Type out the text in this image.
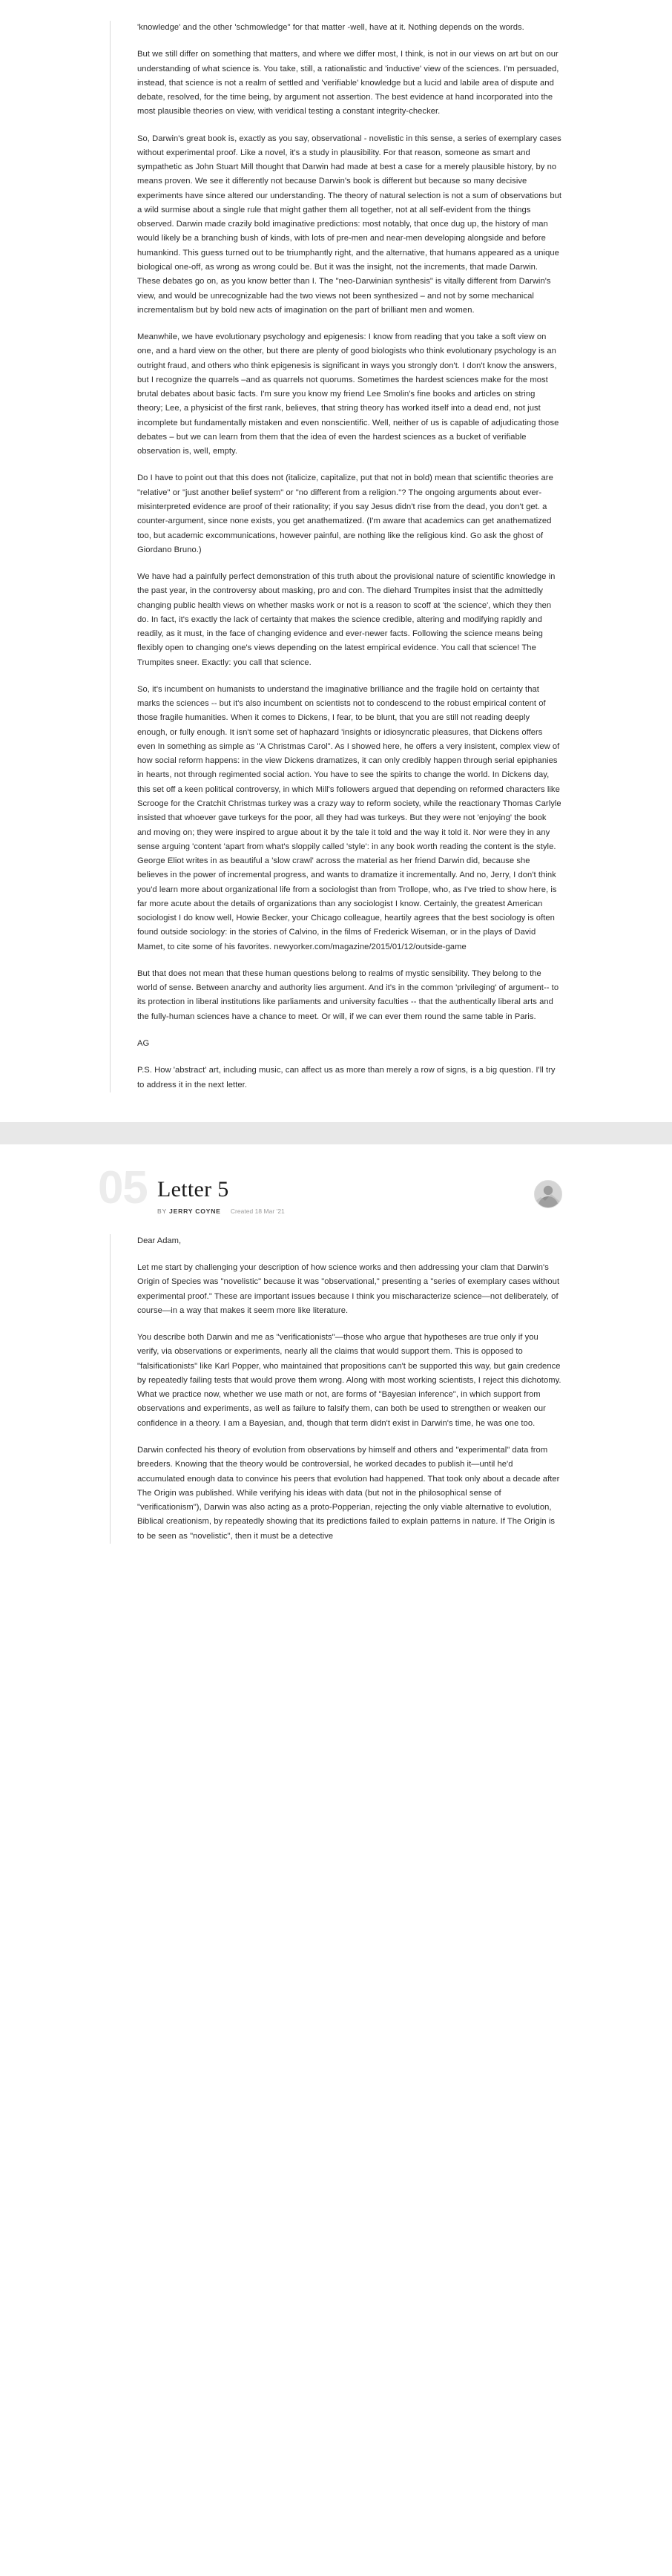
'knowledge' and the other 'schmowledge" for that matter -well, have at it. Nothing depends on the words.

But we still differ on something that matters, and where we differ most, I think, is not in our views on art but on our understanding of what science is. You take, still, a rationalistic and 'inductive' view of the sciences. I'm persuaded, instead, that science is not a realm of settled and 'verifiable' knowledge but a lucid and labile area of dispute and debate, resolved, for the time being, by argument not assertion. The best evidence at hand incorporated into the most plausible theories on view, with veridical testing a constant integrity-checker.

So, Darwin's great book is, exactly as you say, observational - novelistic in this sense, a series of exemplary cases without experimental proof. Like a novel, it's a study in plausibility. For that reason, someone as smart and sympathetic as John Stuart Mill thought that Darwin had made at best a case for a merely plausible history, by no means proven. We see it differently not because Darwin's book is different but because so many decisive experiments have since altered our understanding. The theory of natural selection is not a sum of observations but a wild surmise about a single rule that might gather them all together, not at all self-evident from the things observed. Darwin made crazily bold imaginative predictions: most notably, that once dug up, the history of man would likely be a branching bush of kinds, with lots of pre-men and near-men developing alongside and before humankind. This guess turned out to be triumphantly right, and the alternative, that humans appeared as a unique biological one-off, as wrong as wrong could be. But it was the insight, not the increments, that made Darwin. These debates go on, as you know better than I. The "neo-Darwinian synthesis" is vitally different from Darwin's view, and would be unrecognizable had the two views not been synthesized – and not by some mechanical incrementalism but by bold new acts of imagination on the part of brilliant men and women.

Meanwhile, we have evolutionary psychology and epigenesis: I know from reading that you take a soft view on one, and a hard view on the other, but there are plenty of good biologists who think evolutionary psychology is an outright fraud, and others who think epigenesis is significant in ways you strongly don't. I don't know the answers, but I recognize the quarrels –and as quarrels not quorums. Sometimes the hardest sciences make for the most brutal debates about basic facts. I'm sure you know my friend Lee Smolin's fine books and articles on string theory; Lee, a physicist of the first rank, believes, that string theory has worked itself into a dead end, not just incomplete but fundamentally mistaken and even nonscientific. Well, neither of us is capable of adjudicating those debates – but we can learn from them that the idea of even the hardest sciences as a bucket of verifiable observation is, well, empty.

Do I have to point out that this does not (italicize, capitalize, put that not in bold) mean that scientific theories are "relative" or "just another belief system" or "no different from a religion."? The ongoing arguments about ever- misinterpreted evidence are proof of their rationality; if you say Jesus didn't rise from the dead, you don't get. a counter-argument, since none exists, you get anathematized. (I'm aware that academics can get anathematized too, but academic excommunications, however painful, are nothing like the religious kind. Go ask the ghost of Giordano Bruno.)

We have had a painfully perfect demonstration of this truth about the provisional nature of scientific knowledge in the past year, in the controversy about masking, pro and con. The diehard Trumpites insist that the admittedly changing public health views on whether masks work or not is a reason to scoff at 'the science', which they then do. In fact, it's exactly the lack of certainty that makes the science credible, altering and modifying rapidly and readily, as it must, in the face of changing evidence and ever-newer facts. Following the science means being flexibly open to changing one's views depending on the latest empirical evidence. You call that science! The Trumpites sneer. Exactly: you call that science.

So, it's incumbent on humanists to understand the imaginative brilliance and the fragile hold on certainty that marks the sciences -- but it's also incumbent on scientists not to condescend to the robust empirical content of those fragile humanities. When it comes to Dickens, I fear, to be blunt, that you are still not reading deeply enough, or fully enough. It isn't some set of haphazard 'insights or idiosyncratic pleasures, that Dickens offers even In something as simple as "A Christmas Carol". As I showed here, he offers a very insistent, complex view of how social reform happens: in the view Dickens dramatizes, it can only credibly happen through serial epiphanies in hearts, not through regimented social action. You have to see the spirits to change the world. In Dickens day, this set off a keen political controversy, in which Mill's followers argued that depending on reformed characters like Scrooge for the Cratchit Christmas turkey was a crazy way to reform society, while the reactionary Thomas Carlyle insisted that whoever gave turkeys for the poor, all they had was turkeys. But they were not 'enjoying' the book and moving on; they were inspired to argue about it by the tale it told and the way it told it. Nor were they in any sense arguing 'content 'apart from what's sloppily called 'style': in any book worth reading the content is the style. George Eliot writes in as beautiful a 'slow crawl' across the material as her friend Darwin did, because she believes in the power of incremental progress, and wants to dramatize it incrementally. And no, Jerry, I don't think you'd learn more about organizational life from a sociologist than from Trollope, who, as I've tried to show here, is far more acute about the details of organizations than any sociologist I know. Certainly, the greatest American sociologist I do know well, Howie Becker, your Chicago colleague, heartily agrees that the best sociology is often found outside sociology: in the stories of Calvino, in the films of Frederick Wiseman, or in the plays of David Mamet, to cite some of his favorites. newyorker.com/magazine/2015/01/12/outside-game

But that does not mean that these human questions belong to realms of mystic sensibility. They belong to the world of sense. Between anarchy and authority lies argument. And it's in the common 'privileging' of argument-- to its protection in liberal institutions like parliaments and university faculties -- that the authentically liberal arts and the fully-human sciences have a chance to meet. Or will, if we can ever them round the same table in Paris.

AG

P.S. How 'abstract' art, including music, can affect us as more than merely a row of signs, is a big question. I'll try to address it in the next letter.

05 Letter 5
BY JERRY COYNE Created 18 Mar '21

Dear Adam,

Let me start by challenging your description of how science works and then addressing your clam that Darwin's Origin of Species was "novelistic" because it was "observational," presenting a "series of exemplary cases without experimental proof." These are important issues because I think you mischaracterize science—not deliberately, of course—in a way that makes it seem more like literature.

You describe both Darwin and me as "verificationists"—those who argue that hypotheses are true only if you verify, via observations or experiments, nearly all the claims that would support them. This is opposed to "falsificationists" like Karl Popper, who maintained that propositions can't be supported this way, but gain credence by repeatedly failing tests that would prove them wrong. Along with most working scientists, I reject this dichotomy. What we practice now, whether we use math or not, are forms of "Bayesian inference", in which support from observations and experiments, as well as failure to falsify them, can both be used to strengthen or weaken our confidence in a theory. I am a Bayesian, and, though that term didn't exist in Darwin's time, he was one too.

Darwin confected his theory of evolution from observations by himself and others and "experimental" data from breeders. Knowing that the theory would be controversial, he worked decades to publish it—until he'd accumulated enough data to convince his peers that evolution had happened. That took only about a decade after The Origin was published. While verifying his ideas with data (but not in the philosophical sense of "verificationism"), Darwin was also acting as a proto-Popperian, rejecting the only viable alternative to evolution, Biblical creationism, by repeatedly showing that its predictions failed to explain patterns in nature. If The Origin is to be seen as "novelistic", then it must be a detective
